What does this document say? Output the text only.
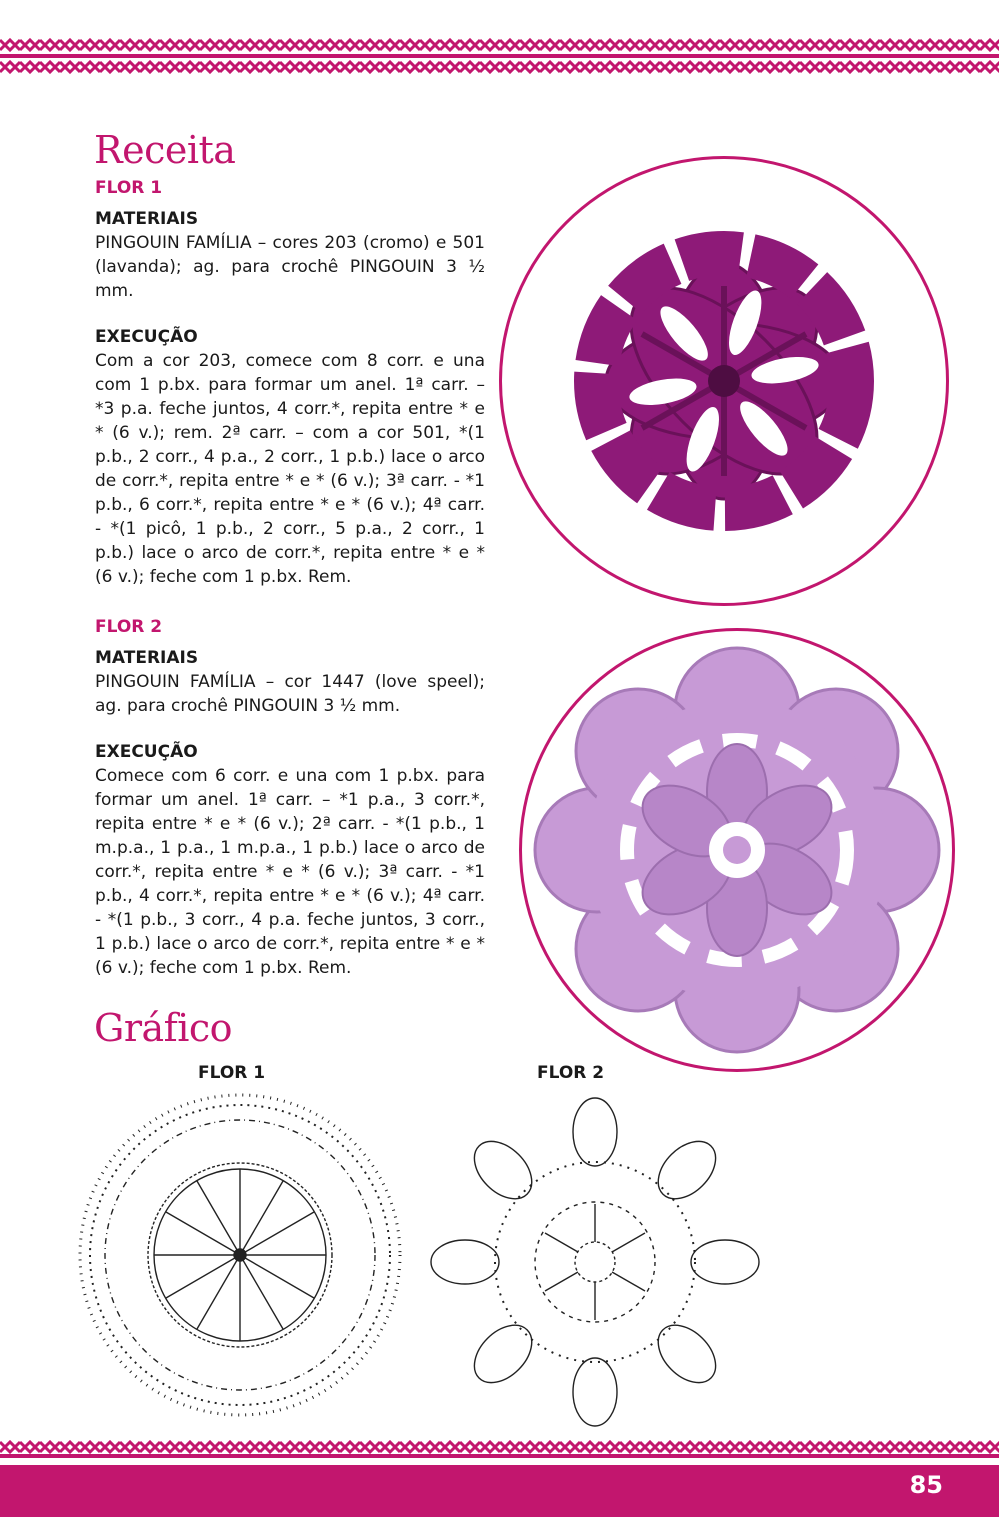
Receita
FLOR 1
MATERIAIS

PINGOUIN FAMÍLIA – cores 203 (cromo) e 501 (lavanda); ag. para crochê PINGOUIN 3 ½ mm.

EXECUÇÃO

Com a cor 203, comece com 8 corr. e una com 1 p.bx. para formar um anel. 1ª carr. – *3 p.a. feche juntos, 4 corr.*, repita entre * e * (6 v.); rem. 2ª carr. – com a cor 501, *(1 p.b., 2 corr., 4 p.a., 2 corr., 1 p.b.) lace o arco de corr.*, repita entre * e * (6 v.); 3ª carr. - *1 p.b., 6 corr.*, repita entre * e * (6 v.); 4ª carr. - *(1 picô, 1 p.b., 2 corr., 5 p.a., 2 corr., 1 p.b.) lace o arco de corr.*, repita entre * e * (6 v.); feche com 1 p.bx. Rem.

FLOR 2
MATERIAIS

PINGOUIN FAMÍLIA – cor 1447 (love speel); ag. para crochê PINGOUIN 3 ½ mm.

EXECUÇÃO

Comece com 6 corr. e una com 1 p.bx. para formar um anel. 1ª carr. – *1 p.a., 3 corr.*, repita entre * e * (6 v.); 2ª carr. - *(1 p.b., 1 m.p.a., 1 p.a., 1 m.p.a., 1 p.b.) lace o arco de corr.*, repita entre * e * (6 v.); 3ª carr. - *1 p.b., 4 corr.*, repita entre * e * (6 v.); 4ª carr. - *(1 p.b., 3 corr., 4 p.a. feche juntos, 3 corr., 1 p.b.) lace o arco de corr.*, repita entre * e * (6 v.); feche com 1 p.bx. Rem.

Gráfico
FLOR 1	FLOR 2
85
